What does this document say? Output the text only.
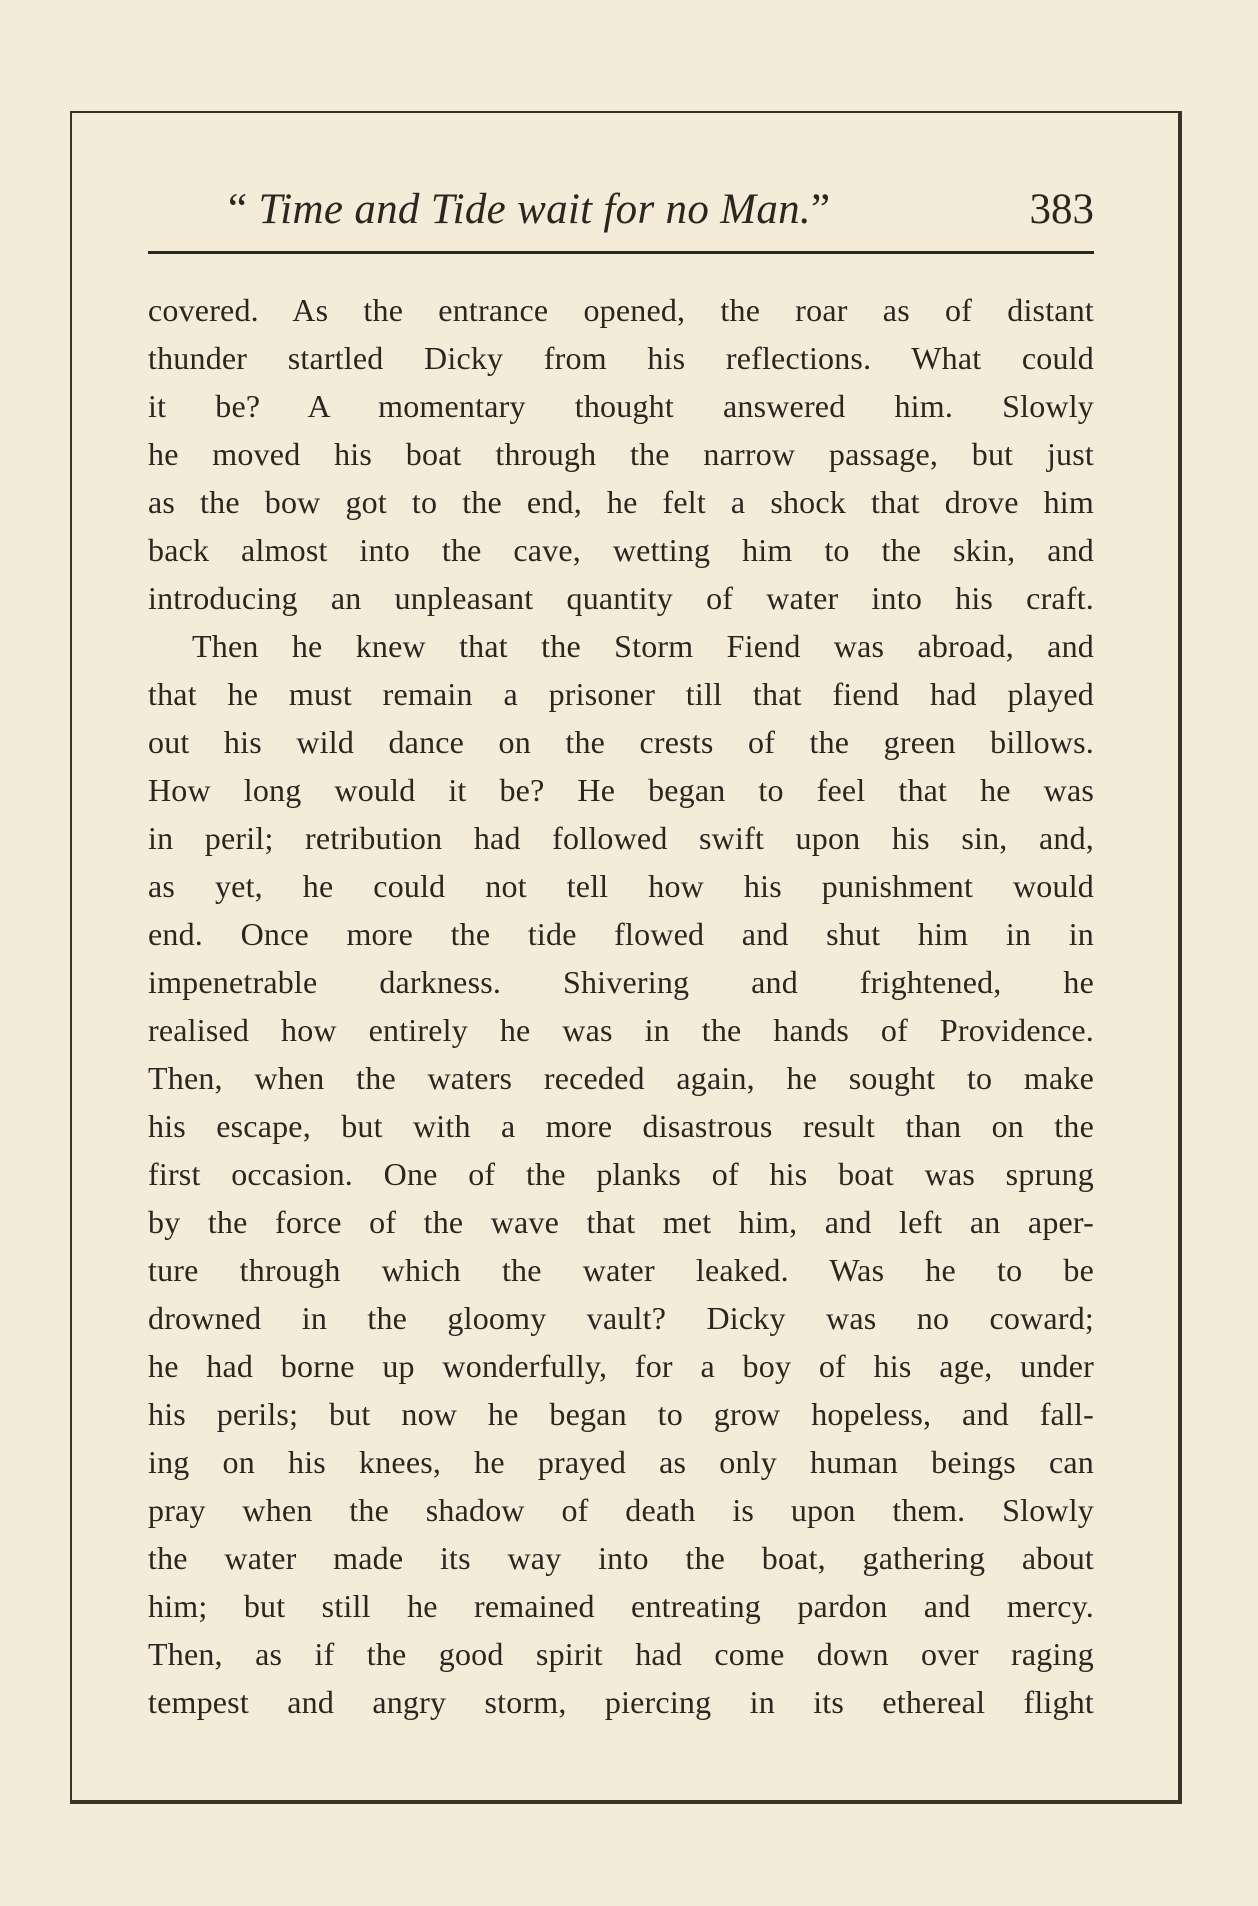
“ Time and Tide wait for no Man.”	383
covered. As the entrance opened, the roar as of distant
thunder startled Dicky from his reflections. What could
it be? A momentary thought answered him. Slowly
he moved his boat through the narrow passage, but just
as the bow got to the end, he felt a shock that drove him
back almost into the cave, wetting him to the skin, and
introducing an unpleasant quantity of water into his craft.
Then he knew that the Storm Fiend was abroad, and
that he must remain a prisoner till that fiend had played
out his wild dance on the crests of the green billows.
How long would it be? He began to feel that he was
in peril; retribution had followed swift upon his sin, and,
as yet, he could not tell how his punishment would
end. Once more the tide flowed and shut him in in
impenetrable darkness. Shivering and frightened, he
realised how entirely he was in the hands of Providence.
Then, when the waters receded again, he sought to make
his escape, but with a more disastrous result than on the
first occasion. One of the planks of his boat was sprung
by the force of the wave that met him, and left an aper-
ture through which the water leaked. Was he to be
drowned in the gloomy vault? Dicky was no coward;
he had borne up wonderfully, for a boy of his age, under
his perils; but now he began to grow hopeless, and fall-
ing on his knees, he prayed as only human beings can
pray when the shadow of death is upon them. Slowly
the water made its way into the boat, gathering about
him; but still he remained entreating pardon and mercy.
Then, as if the good spirit had come down over raging
tempest and angry storm, piercing in its ethereal flight
